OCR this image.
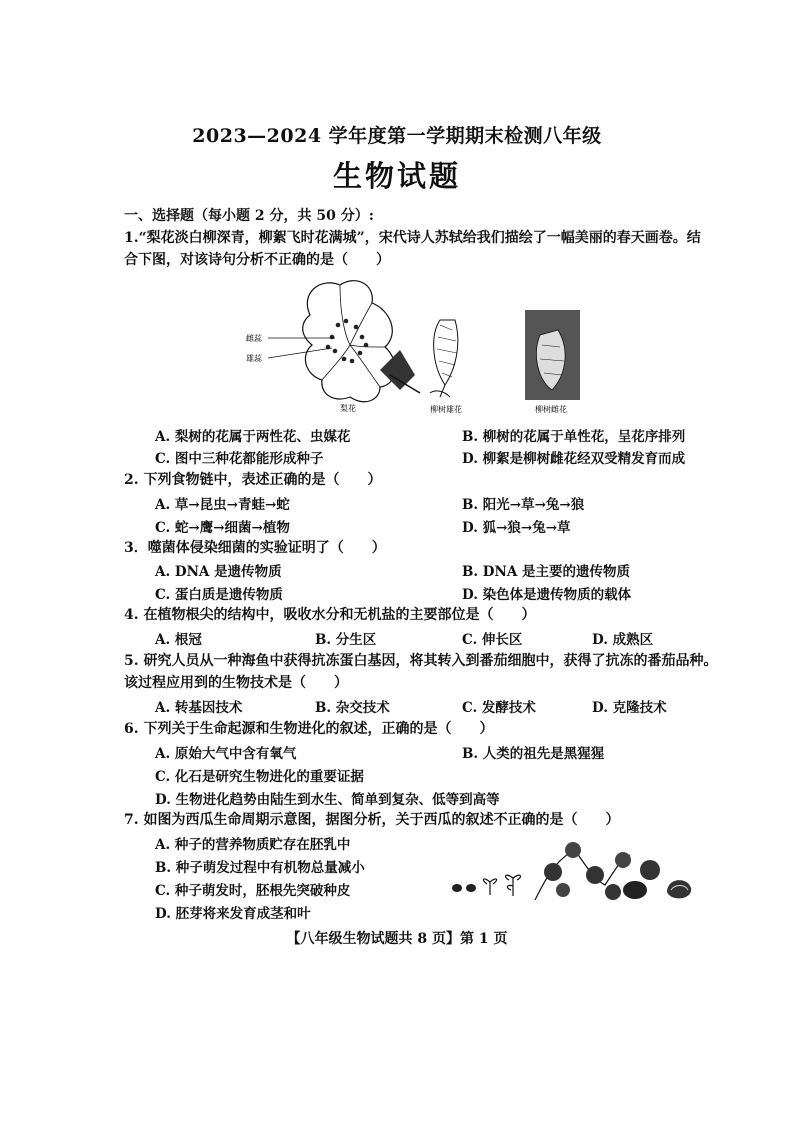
2023—2024 学年度第一学期期末检测八年级
生物试题
一、选择题（每小题 2 分，共 50 分）:
1.“梨花淡白柳深青，柳絮飞时花满城”，宋代诗人苏轼给我们描绘了一幅美丽的春天画卷。结
合下图，对该诗句分析不正确的是（　　）
雌蕊
雄蕊
梨花	柳树雄花	柳树雌花
A. 梨树的花属于两性花、虫媒花	B. 柳树的花属于单性花，呈花序排列
C. 图中三种花都能形成种子	D. 柳絮是柳树雌花经双受精发育而成
2. 下列食物链中，表述正确的是（　　）
A. 草→昆虫→青蛙→蛇	B. 阳光→草→兔→狼
C. 蛇→鹰→细菌→植物	D. 狐→狼→兔→草
3．噬菌体侵染细菌的实验证明了（　　）
A. DNA 是遗传物质	B. DNA 是主要的遗传物质
C. 蛋白质是遗传物质	D. 染色体是遗传物质的载体
4. 在植物根尖的结构中，吸收水分和无机盐的主要部位是（　　）
A. 根冠	B. 分生区	C. 伸长区	D. 成熟区
5. 研究人员从一种海鱼中获得抗冻蛋白基因，将其转入到番茄细胞中，获得了抗冻的番茄品种。
该过程应用到的生物技术是（　　）
A. 转基因技术	B. 杂交技术	C. 发酵技术	D. 克隆技术
6. 下列关于生命起源和生物进化的叙述，正确的是（　　）
A. 原始大气中含有氧气	B. 人类的祖先是黑猩猩
C. 化石是研究生物进化的重要证据
D. 生物进化趋势由陆生到水生、简单到复杂、低等到高等
7. 如图为西瓜生命周期示意图，据图分析，关于西瓜的叙述不正确的是（　　）
A. 种子的营养物质贮存在胚乳中
B. 种子萌发过程中有机物总量减小
C. 种子萌发时，胚根先突破种皮
D. 胚芽将来发育成茎和叶
【八年级生物试题共 8 页】第 1 页
